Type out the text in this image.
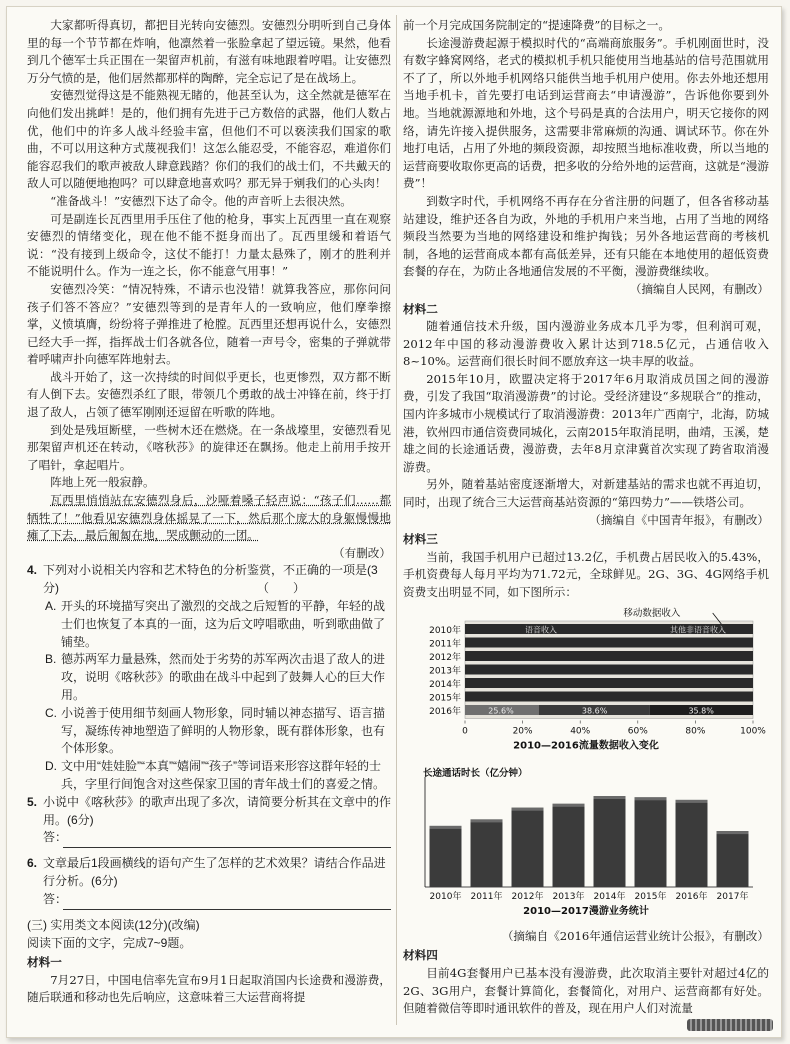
大家都听得真切，都把目光转向安德烈。安德烈分明听到自己身体里的每一个节节都在炸响，他凛然着一张脸拿起了望远镜。果然，他看到几个德军士兵正围在一架留声机前，有滋有味地跟着哼唱。让安德烈万分气愤的是，他们居然都那样的陶醉，完全忘记了是在战场上。

安德烈觉得这是不能熟视无睹的，他甚至认为，这全然就是德军在向他们发出挑衅！是的，他们拥有先进于己方数倍的武器，他们人数占优，他们中的许多人战斗经验丰富，但他们不可以亵渎我们国家的歌曲，不可以用这种方式蔑视我们！这怎么能忍受，不能容忍，难道你们能容忍我们的歌声被敌人肆意践踏？你们的我们的战士们，不共戴天的敌人可以随便地抱吗？可以肆意地喜欢吗？那无异于剜我们的心头肉！

“准备战斗！”安德烈下达了命令。他的声音听上去很决然。

可是副连长瓦西里用手压住了他的枪身，事实上瓦西里一直在观察安德烈的情绪变化，现在他不能不挺身而出了。瓦西里缓和着语气说：“没有接到上级命令，这仗不能打！力量太悬殊了，刚才的胜利并不能说明什么。作为一连之长，你不能意气用事！”

安德烈冷笑：“情况特殊，不请示也没错！就算我答应，那你问问孩子们答不答应？”安德烈等到的是青年人的一致响应，他们摩拳擦掌，义愤填膺，纷纷将子弹推进了枪膛。瓦西里还想再说什么，安德烈已经大手一挥，指挥战士们各就各位，随着一声号令，密集的子弹就带着呼啸声扑向德军阵地射去。

战斗开始了，这一次持续的时间似乎更长，也更惨烈，双方都不断有人倒下去。安德烈杀红了眼，带领几个勇敢的战士冲锋在前，终于打退了敌人，占领了德军刚刚还逗留在听歌的阵地。

到处是残垣断壁，一些树木还在燃烧。在一条战壕里，安德烈看见那架留声机还在转动，《喀秋莎》的旋律还在飘扬。他走上前用手按开了唱针，拿起唱片。

阵地上死一般寂静。

瓦西里悄悄站在安德烈身后，沙哑着嗓子轻声说：“孩子们……都牺牲了！”他看见安德烈身体摇晃了一下，然后那个庞大的身躯慢慢地瘫了下去，最后匍匐在地，哭成颤动的一团。

（有删改）

4. 下列对小说相关内容和艺术特色的分析鉴赏，不正确的一项是(3分)　　　　　　　　　　　　　　　　　（　　）
A. 开头的环境描写突出了激烈的交战之后短暂的平静，年轻的战士们也恢复了本真的一面，这为后文哼唱歌曲，听到歌曲做了铺垫。
B. 德苏两军力量悬殊，然而处于劣势的苏军两次击退了敌人的进攻，说明《喀秋莎》的歌曲在战斗中起到了鼓舞人心的巨大作用。
C. 小说善于使用细节刻画人物形象，同时辅以神态描写、语言描写，凝练传神地塑造了鲜明的人物形象，既有群体形象，也有个体形象。
D. 文中用“娃娃脸”“本真”“嬉闹”“孩子”等词语来形容这群年轻的士兵，字里行间饱含对这些保家卫国的青年战士们的喜爱之情。
5. 小说中《喀秋莎》的歌声出现了多次，请简要分析其在文章中的作用。(6分)
答：
6. 文章最后1段画横线的语句产生了怎样的艺术效果？请结合作品进行分析。(6分)
答：

(三) 实用类文本阅读(12分)(改编)

阅读下面的文字，完成7~9题。

材料一

7月27日，中国电信率先宣布9月1日起取消国内长途费和漫游费，随后联通和移动也先后响应，这意味着三大运营商将提

前一个月完成国务院制定的“提速降费”的目标之一。

长途漫游费起源于模拟时代的“高端商旅服务”。手机刚面世时，没有数字蜂窝网络，老式的模拟机手机只能使用当地基站的信号范围就用不了了，所以外地手机网络只能供当地手机用户使用。你去外地还想用当地手机卡，首先要打电话到运营商去“申请漫游”，告诉他你要到外地。当地就源源地和外地，这个号码是真的合法用户，明天它接你的网络，请先许接入提供服务，这需要非常麻烦的沟通、调试环节。你在外地打电话，占用了外地的频段资源，却按照当地标准收费，所以当地的运营商要收取你更高的话费，把多收的分给外地的运营商，这就是“漫游费”！

到数字时代，手机网络不再存在分省注册的问题了，但各省移动基站建设，维护还各自为政，外地的手机用户来当地，占用了当地的网络频段当然要为当地的网络建设和维护掏钱；另外各地运营商的考核机制，各地的运营商成本都有高低差异，还有只能在本地使用的超低资费套餐的存在，为防止各地通信发展的不平衡，漫游费继续收。

（摘编自人民网，有删改）

材料二

随着通信技术升级，国内漫游业务成本几乎为零，但利润可观，2012年中国的移动漫游费收入累计达到718.5亿元，占通信收入8~10%。运营商们很长时间不愿放弃这一块丰厚的收益。

2015年10月，欧盟决定将于2017年6月取消成员国之间的漫游费，引发了我国“取消漫游费”的讨论。受经济建设“多规联合”的推动，国内许多城市小规模试行了取消漫游费：2013年广西南宁，北海，防城港，钦州四市通信资费同城化，云南2015年取消昆明，曲靖，玉溪，楚雄之间的长途通话费，漫游费，去年8月京津冀首次实现了跨省取消漫游费。

另外，随着基站密度逐渐增大，对新建基站的需求也就不再迫切，同时，出现了统合三大运营商基站资源的“第四势力”——铁塔公司。

（摘编自《中国青年报》，有删改）

材料三

当前，我国手机用户已超过13.2亿，手机费占居民收入的5.43%，手机资费每人每月平均为71.72元，全球鲜见。2G、3G、4G网络手机资费支出明显不同，如下图所示：

2010年
2011年
2012年
2013年
2014年
2015年
2016年
语音收入	其他非语音收入
25.6%	38.6%	35.8%
移动数据收入
0	20%	40%	60%	80%	100%
2010—2016流量数据收入变化
长途通话时长（亿分钟）
2010年 2011年 2012年 2013年 2014年 2015年 2016年 2017年
2010—2017漫游业务统计

（摘编自《2016年通信运营业统计公报》，有删改）

材料四

目前4G套餐用户已基本没有漫游费，此次取消主要针对超过4亿的2G、3G用户，套餐计算简化，套餐简化，对用户、运营商都有好处。但随着微信等即时通讯软件的普及，现在用户人们对流量
